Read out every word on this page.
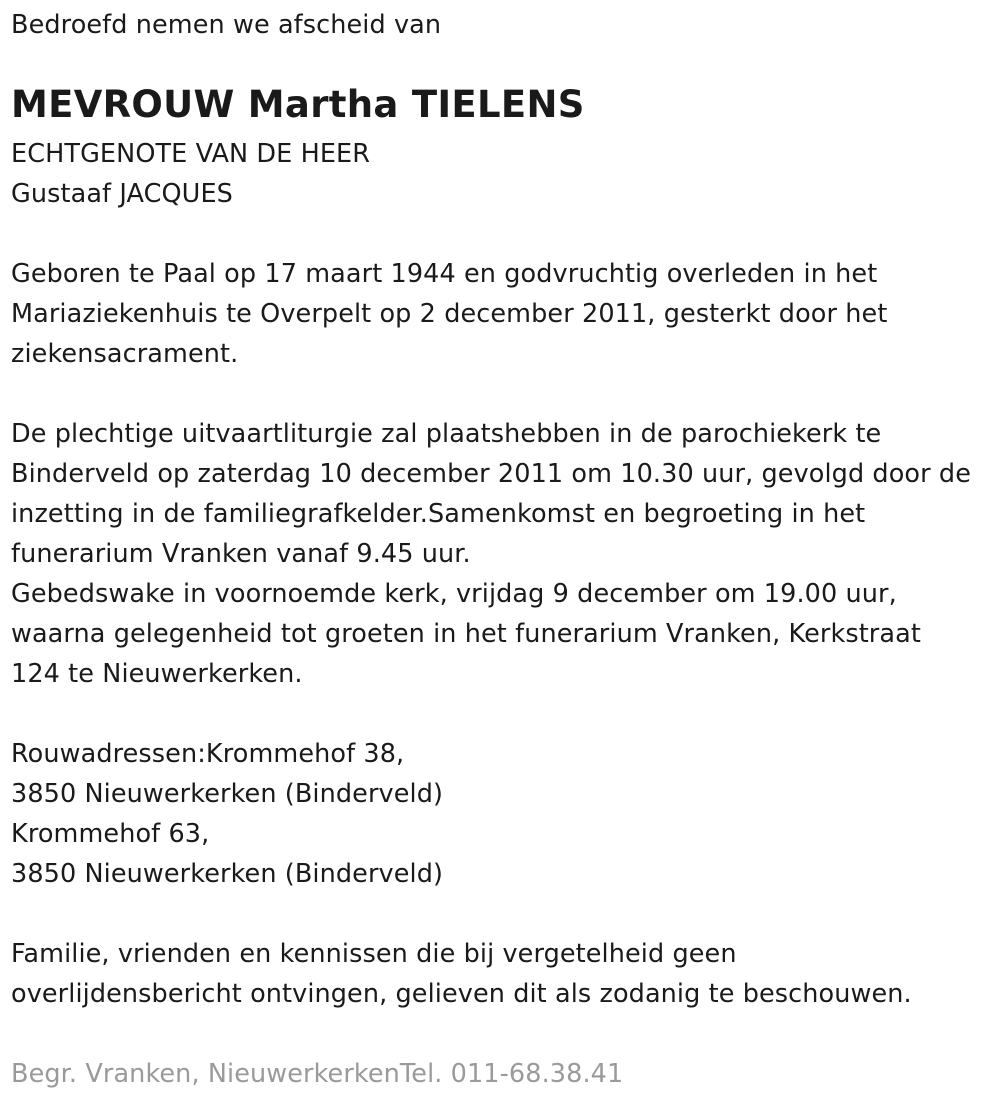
Bedroefd nemen we afscheid van
MEVROUW Martha TIELENS
ECHTGENOTE VAN DE HEER
Gustaaf JACQUES
Geboren te Paal op 17 maart 1944 en godvruchtig overleden in het
Mariaziekenhuis te Overpelt op 2 december 2011, gesterkt door het
ziekensacrament.
De plechtige uitvaartliturgie zal plaatshebben in de parochiekerk te
Binderveld op zaterdag 10 december 2011 om 10.30 uur, gevolgd door de
inzetting in de familiegrafkelder.Samenkomst en begroeting in het
funerarium Vranken vanaf 9.45 uur.
Gebedswake in voornoemde kerk, vrijdag 9 december om 19.00 uur,
waarna gelegenheid tot groeten in het funerarium Vranken, Kerkstraat
124 te Nieuwerkerken.
Rouwadressen:Krommehof 38,
3850 Nieuwerkerken (Binderveld)
Krommehof 63,
3850 Nieuwerkerken (Binderveld)
Familie, vrienden en kennissen die bij vergetelheid geen
overlijdensbericht ontvingen, gelieven dit als zodanig te beschouwen.
Begr. Vranken, NieuwerkerkenTel. 011-68.38.41
